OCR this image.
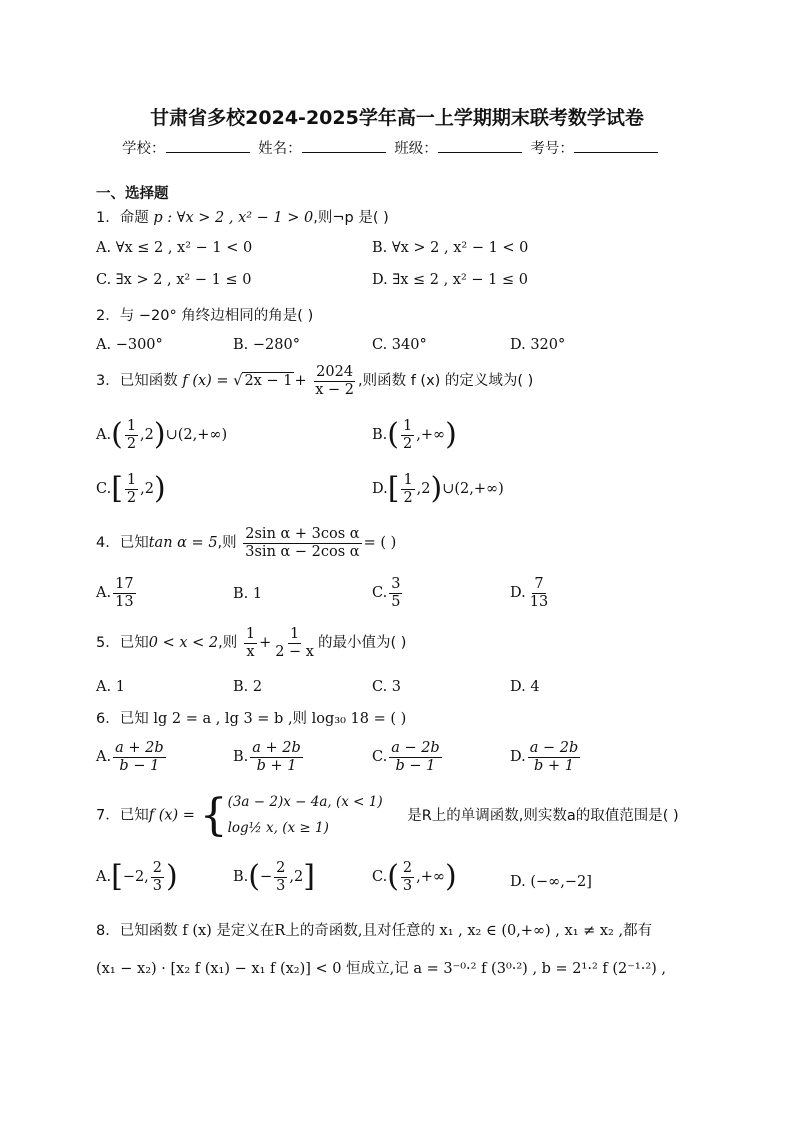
甘肃省多校2024-2025学年高一上学期期末联考数学试卷
学校：	姓名：	班级：	考号：
一、选择题
1．命题 p : ∀x > 2 , x² − 1 > 0,则¬p 是( )
A. ∀x ≤ 2 , x² − 1 < 0	B. ∀x > 2 , x² − 1 < 0
C. ∃x > 2 , x² − 1 ≤ 0	D. ∃x ≤ 2 , x² − 1 ≤ 0
2．与 −20° 角终边相同的角是( )
A. −300°	B. −280°	C. 340°	D. 320°
3．已知函数 f (x) = √ $2x - 1 + \frac{2024}{x - 2}$ ,则函数 f (x) 的定义域为( )
$A.( \frac{1}{2}$ ,2)∪(2,+∞)	$B.( \frac{1}{2}$ ,+∞)
$C.[ \frac{1}{2} ,2)$	$D.[ \frac{1}{2}$ ,2)∪(2,+∞)
4．已知tan α = 5,则 $\frac{\text{2sin α + 3cos α}}{\text{3sin α − 2cos α}}$ = ( )
A. $\frac{17}{13}$	B. 1	C. $\frac{3}{5}$	D. $\frac{7}{13}$
5．已知0 < x < 2,则 $\frac{1}{x} + \frac{1}{2 - x}$ 的最小值为( )
A. 1	B. 2	C. 3	D. 4
6．已知 lg 2 = a , lg 3 = b ,则 log₃₀ 18 = ( )
A. $\frac{a + 2b}{b - 1}$	B. $\frac{a + 2b}{b + 1}$	C. $\frac{a - 2b}{b - 1}$	D. $\frac{a - 2b}{b + 1}$
7．已知f (x) = { (3a − 2)x − 4a, (x < 1)
log½ x, (x ≥ 1)
是R上的单调函数,则实数a的取值范围是( )
A.[−2, $\frac{2}{3}$ )	$B.(- \frac{2}{3} ,2]$	$C.( \frac{2}{3}$ ,+∞)	D. (−∞,−2]
8．已知函数 f (x) 是定义在R上的奇函数,且对任意的 x₁ , x₂ ∈ (0,+∞) , x₁ ≠ x₂ ,都有
(x₁ − x₂) · [x₂ f (x₁) − x₁ f (x₂)] < 0 恒成立,记 a = 3⁻⁰·² f (3⁰·²) , b = 2¹·² f (2⁻¹·²) ,
